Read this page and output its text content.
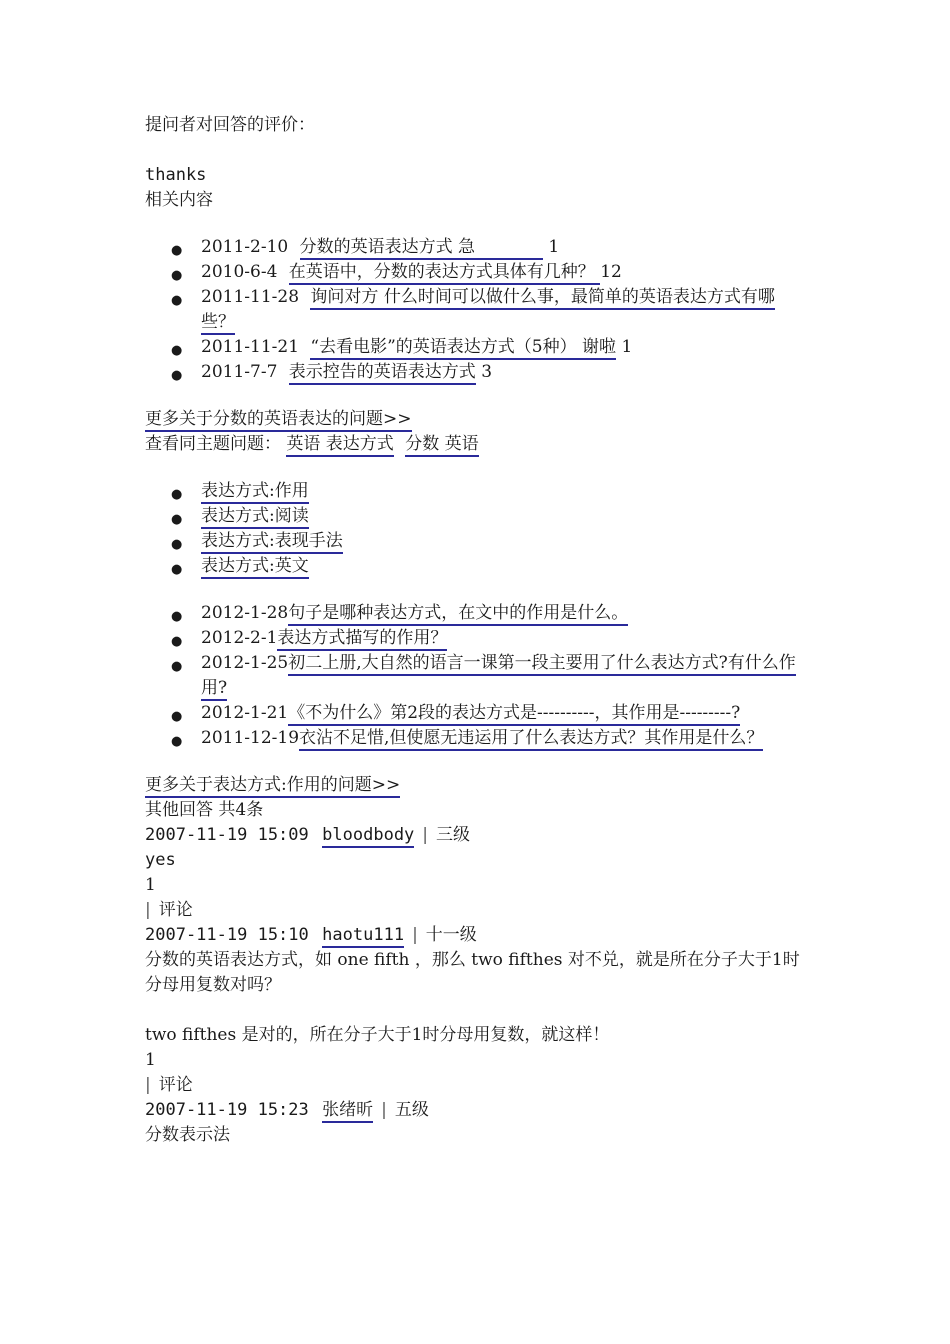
提问者对回答的评价：
thanks
相关内容
● 2011-2-10 分数的英语表达方式 急　　　　 1
● 2010-6-4 在英语中，分数的表达方式具体有几种？ 12
● 2011-11-28 询问对方 什么时间可以做什么事，最简单的英语表达方式有哪些？
● 2011-11-21 “去看电影”的英语表达方式（5种） 谢啦 1
● 2011-7-7 表示控告的英语表达方式 3
更多关于分数的英语表达的问题>>
查看同主题问题： 英语 表达方式 分数 英语
● 表达方式:作用
● 表达方式:阅读
● 表达方式:表现手法
● 表达方式:英文
● 2012-1-28句子是哪种表达方式，在文中的作用是什么。
● 2012-2-1表达方式描写的作用？
● 2012-1-25初二上册,大自然的语言一课第一段主要用了什么表达方式?有什么作用?
● 2012-1-21《不为什么》第2段的表达方式是----------，其作用是---------?
● 2011-12-19衣沾不足惜,但使愿无违运用了什么表达方式？其作用是什么？
更多关于表达方式:作用的问题>>
其他回答 共4条
2007-11-19 15:09 bloodbody | 三级
yes
1
| 评论
2007-11-19 15:10 haotu111 | 十一级
分数的英语表达方式，如 one fifth ，那么 two fifthes 对不兑，就是所在分子大于1时分母用复数对吗？
two fifthes 是对的，所在分子大于1时分母用复数，就这样！
1
| 评论
2007-11-19 15:23 张绪昕 | 五级
分数表示法
